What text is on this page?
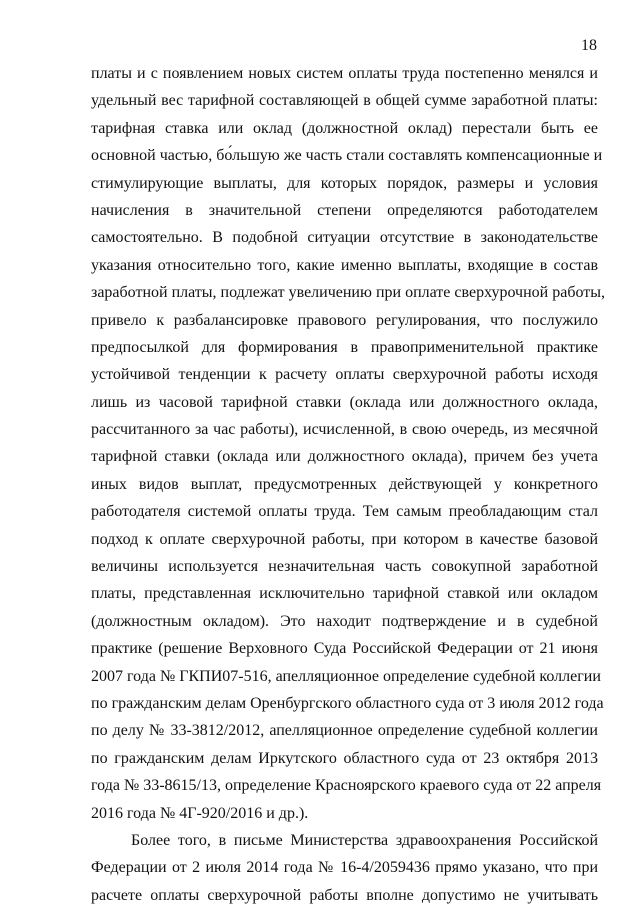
18
платы и с появлением новых систем оплаты труда постепенно менялся и
удельный вес тарифной составляющей в общей сумме заработной платы:
тарифная ставка или оклад (должностной оклад) перестали быть ее
основной частью, бо́льшую же часть стали составлять компенсационные и
стимулирующие выплаты, для которых порядок, размеры и условия
начисления в значительной степени определяются работодателем
самостоятельно. В подобной ситуации отсутствие в законодательстве
указания относительно того, какие именно выплаты, входящие в состав
заработной платы, подлежат увеличению при оплате сверхурочной работы,
привело к разбалансировке правового регулирования, что послужило
предпосылкой для формирования в правоприменительной практике
устойчивой тенденции к расчету оплаты сверхурочной работы исходя
лишь из часовой тарифной ставки (оклада или должностного оклада,
рассчитанного за час работы), исчисленной, в свою очередь, из месячной
тарифной ставки (оклада или должностного оклада), причем без учета
иных видов выплат, предусмотренных действующей у конкретного
работодателя системой оплаты труда. Тем самым преобладающим стал
подход к оплате сверхурочной работы, при котором в качестве базовой
величины используется незначительная часть совокупной заработной
платы, представленная исключительно тарифной ставкой или окладом
(должностным окладом). Это находит подтверждение и в судебной
практике (решение Верховного Суда Российской Федерации от 21 июня
2007 года № ГКПИ07-516, апелляционное определение судебной коллегии
по гражданским делам Оренбургского областного суда от 3 июля 2012 года
по делу № 33-3812/2012, апелляционное определение судебной коллегии
по гражданским делам Иркутского областного суда от 23 октября 2013
года № 33-8615/13, определение Красноярского краевого суда от 22 апреля
2016 года № 4Г-920/2016 и др.).
Более того, в письме Министерства здравоохранения Российской
Федерации от 2 июля 2014 года № 16-4/2059436 прямо указано, что при
расчете оплаты сверхурочной работы вполне допустимо не учитывать
